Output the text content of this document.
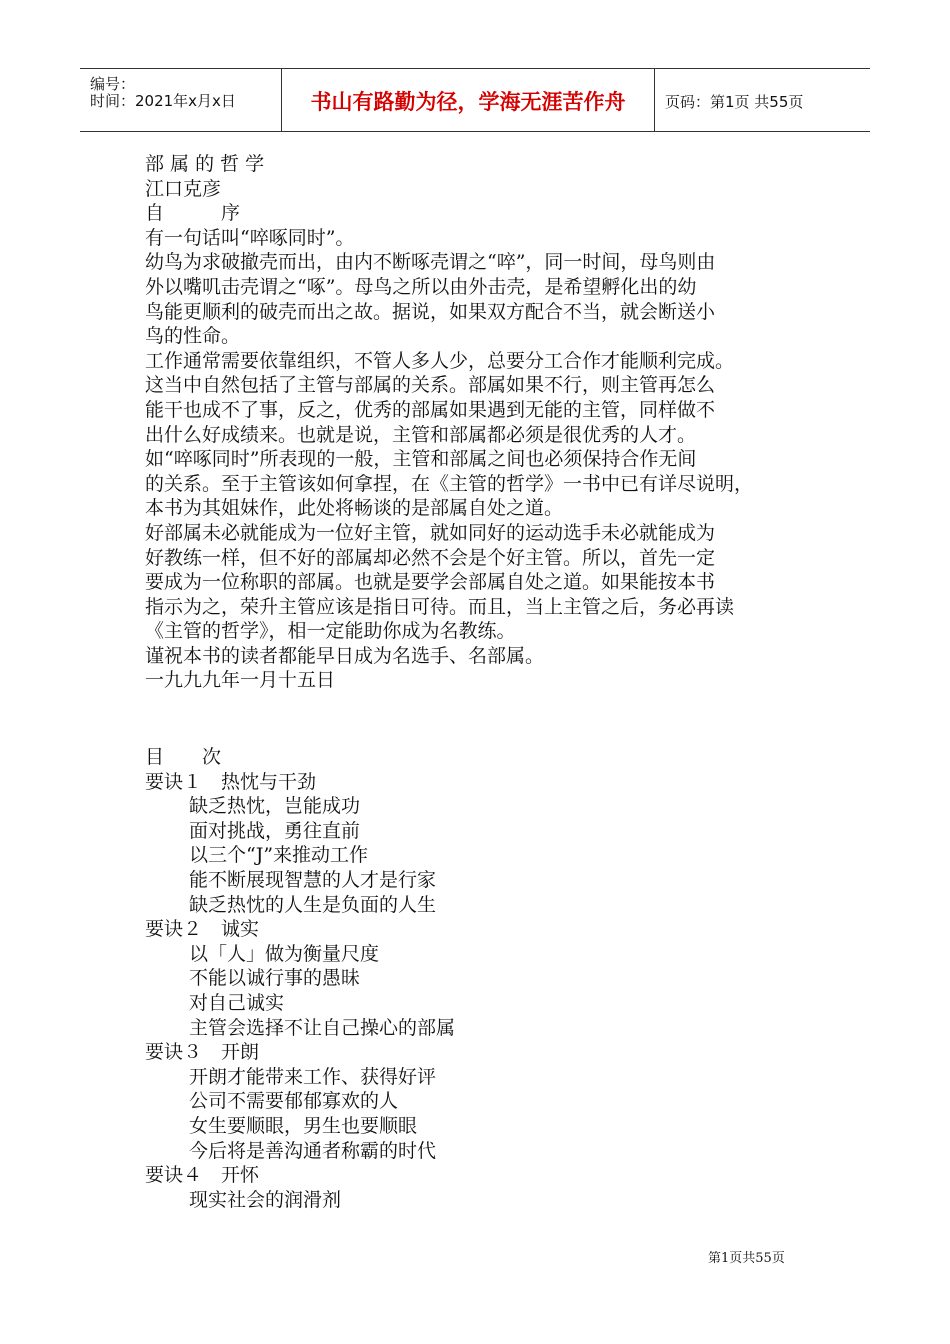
编号：
时间：2021年x月x日	书山有路勤为径，学海无涯苦作舟	页码：第1页 共55页
部 属 的 哲 学
江口克彦
自　　　序
有一句话叫“啐啄同时”。
幼鸟为求破撤壳而出，由内不断啄壳谓之“啐”，同一时间，母鸟则由
外以嘴叽击壳谓之“啄”。母鸟之所以由外击壳，是希望孵化出的幼
鸟能更顺利的破壳而出之故。据说，如果双方配合不当，就会断送小
鸟的性命。
工作通常需要依靠组织，不管人多人少，总要分工合作才能顺利完成。
这当中自然包括了主管与部属的关系。部属如果不行，则主管再怎么
能干也成不了事，反之，优秀的部属如果遇到无能的主管，同样做不
出什么好成绩来。也就是说，主管和部属都必须是很优秀的人才。
如“啐啄同时”所表现的一般，主管和部属之间也必须保持合作无间
的关系。至于主管该如何拿捏，在《主管的哲学》一书中已有详尽说明，
本书为其姐妹作，此处将畅谈的是部属自处之道。
好部属未必就能成为一位好主管，就如同好的运动选手未必就能成为
好教练一样，但不好的部属却必然不会是个好主管。所以，首先一定
要成为一位称职的部属。也就是要学会部属自处之道。如果能按本书
指示为之，荣升主管应该是指日可待。而且，当上主管之后，务必再读
《主管的哲学》，相一定能助你成为名教练。
谨祝本书的读者都能早日成为名选手、名部属。
一九九九年一月十五日
目　　次
要诀１　热忱与干劲
缺乏热忱，岂能成功
面对挑战，勇往直前
以三个“J”来推动工作
能不断展现智慧的人才是行家
缺乏热忱的人生是负面的人生
要诀２　诚实
以「人」做为衡量尺度
不能以诚行事的愚昧
对自己诚实
主管会选择不让自己操心的部属
要诀３　开朗
开朗才能带来工作、获得好评
公司不需要郁郁寡欢的人
女生要顺眼，男生也要顺眼
今后将是善沟通者称霸的时代
要诀４　开怀
现实社会的润滑剂
第1页共55页
